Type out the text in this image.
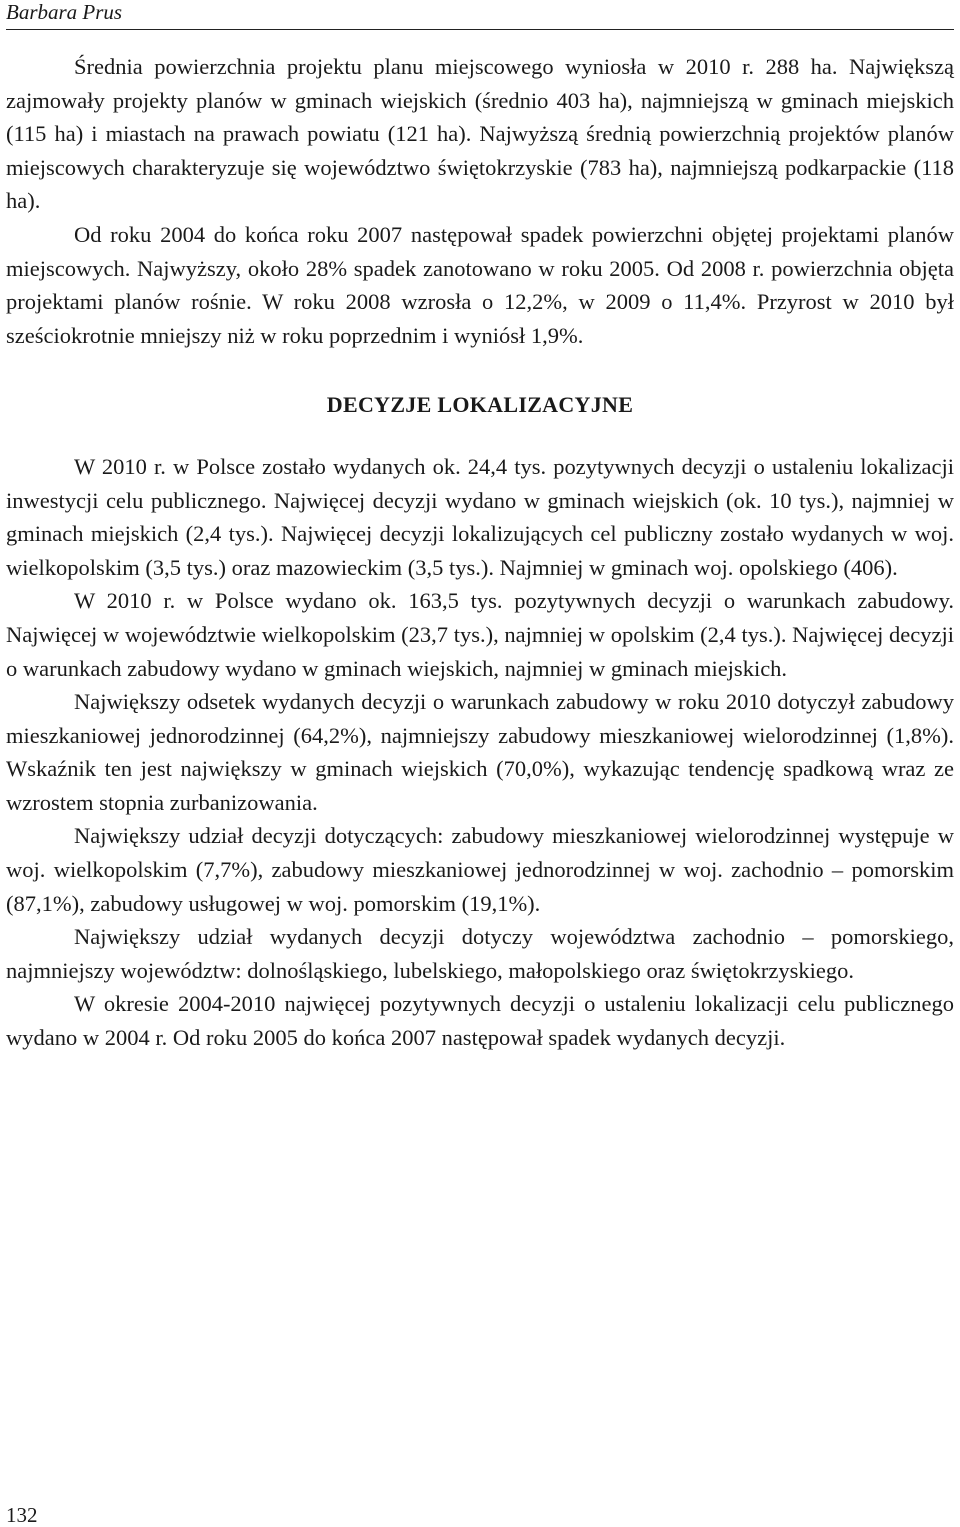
Barbara Prus

Średnia powierzchnia projektu planu miejscowego wyniosła w 2010 r. 288 ha. Największą zajmowały projekty planów w gminach wiejskich (średnio 403 ha), najmniejszą w gminach miejskich (115 ha) i miastach na prawach powiatu (121 ha). Najwyższą średnią powierzchnią projektów planów miejscowych charakteryzuje się województwo świętokrzyskie (783 ha), najmniejszą podkarpackie (118 ha).

Od roku 2004 do końca roku 2007 następował spadek powierzchni objętej projektami planów miejscowych. Najwyższy, około 28% spadek zanotowano w roku 2005. Od 2008 r. powierzchnia objęta projektami planów rośnie. W roku 2008 wzrosła o 12,2%, w 2009 o 11,4%. Przyrost w 2010 był sześciokrotnie mniejszy niż w roku poprzednim i wyniósł 1,9%.

DECYZJE LOKALIZACYJNE

W 2010 r. w Polsce zostało wydanych ok. 24,4 tys. pozytywnych decyzji o ustaleniu lokalizacji inwestycji celu publicznego. Najwięcej decyzji wydano w gminach wiejskich (ok. 10 tys.), najmniej w gminach miejskich (2,4 tys.). Najwięcej decyzji lokalizujących cel publiczny zostało wydanych w woj. wielkopolskim (3,5 tys.) oraz mazowieckim (3,5 tys.). Najmniej w gminach woj. opolskiego (406).

W 2010 r. w Polsce wydano ok. 163,5 tys. pozytywnych decyzji o warunkach zabudowy. Najwięcej w województwie wielkopolskim (23,7 tys.), najmniej w opolskim (2,4 tys.). Najwięcej decyzji o warunkach zabudowy wydano w gminach wiejskich, najmniej w gminach miejskich.

Największy odsetek wydanych decyzji o warunkach zabudowy w roku 2010 dotyczył zabudowy mieszkaniowej jednorodzinnej (64,2%), najmniejszy zabudowy mieszkaniowej wielorodzinnej (1,8%). Wskaźnik ten jest największy w gminach wiejskich (70,0%), wykazując tendencję spadkową wraz ze wzrostem stopnia zurbanizowania.

Największy udział decyzji dotyczących: zabudowy mieszkaniowej wielorodzinnej występuje w woj. wielkopolskim (7,7%), zabudowy mieszkaniowej jednorodzinnej w woj. zachodnio – pomorskim (87,1%), zabudowy usługowej w woj. pomorskim (19,1%).

Największy udział wydanych decyzji dotyczy województwa zachodnio – pomorskiego, najmniejszy województw: dolnośląskiego, lubelskiego, małopolskiego oraz świętokrzyskiego.

W okresie 2004-2010 najwięcej pozytywnych decyzji o ustaleniu lokalizacji celu publicznego wydano w 2004 r. Od roku 2005 do końca 2007 następował spadek wydanych decyzji.

132
